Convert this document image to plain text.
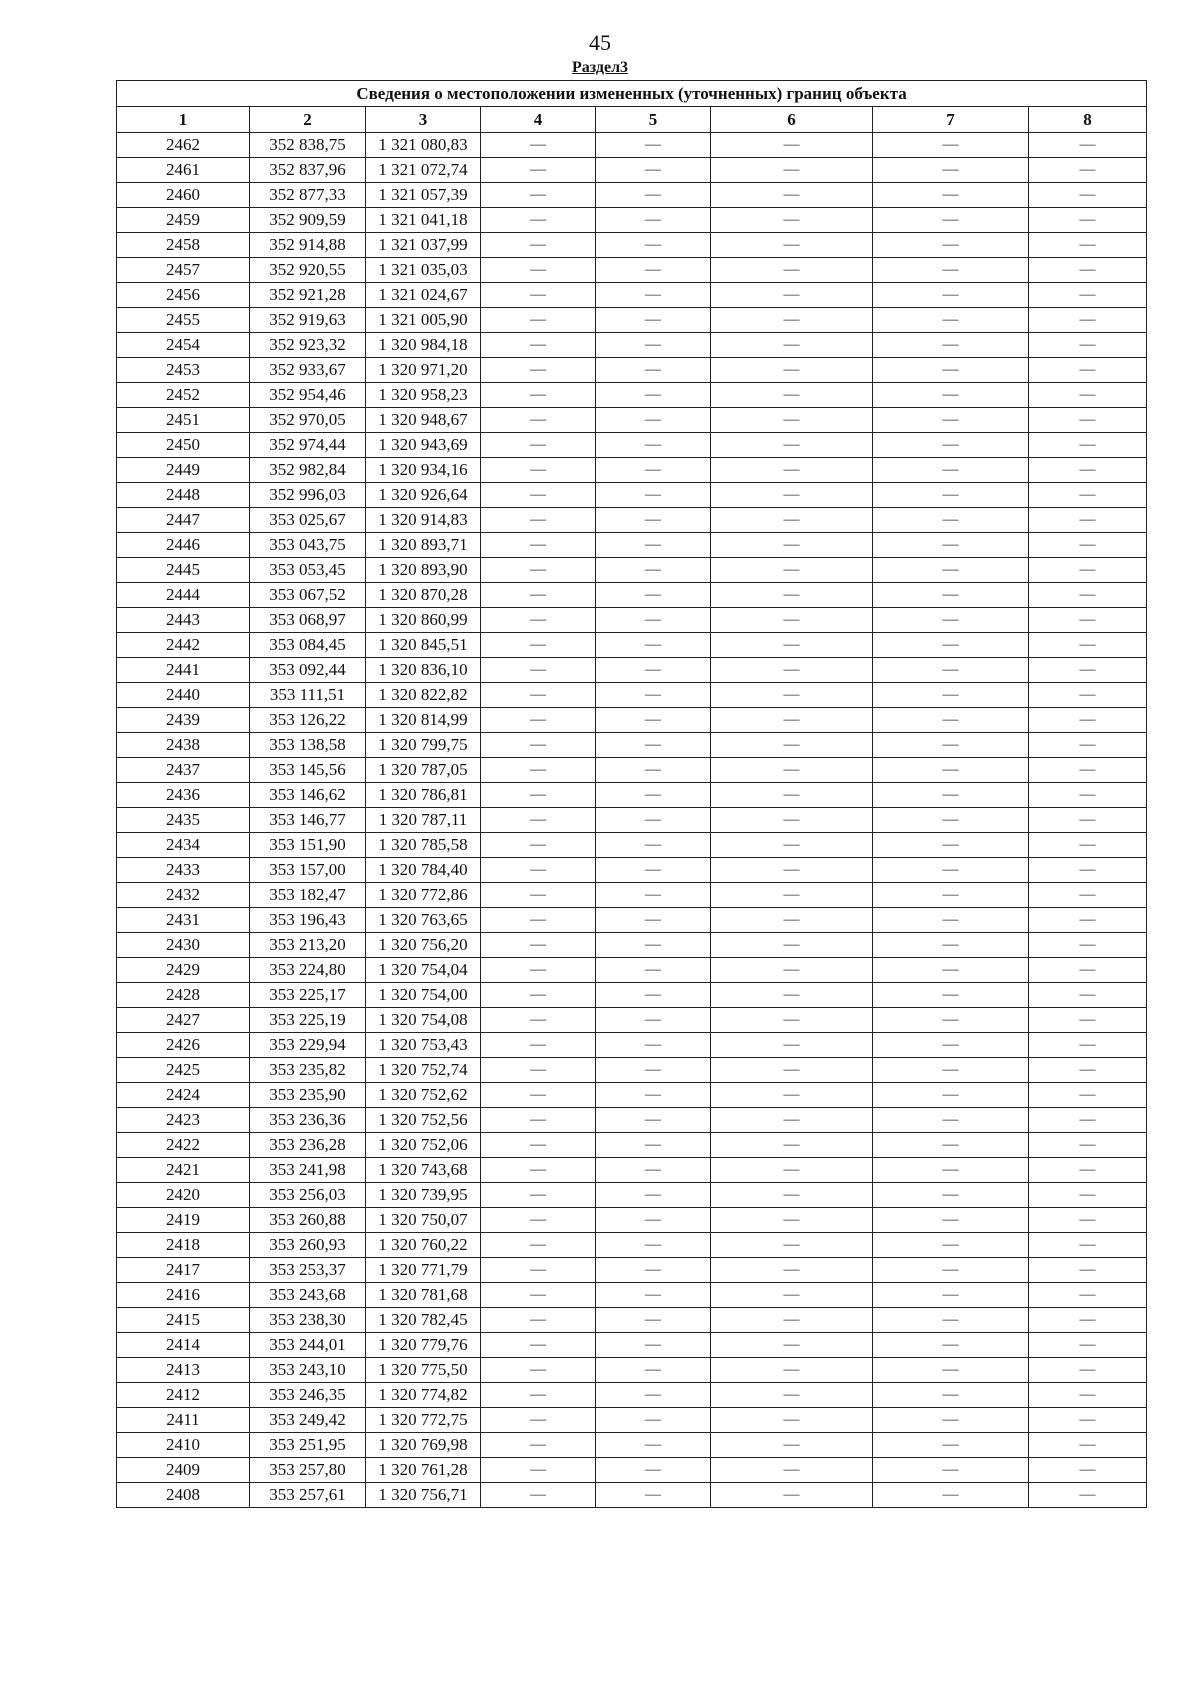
45
Раздел3
Сведения о местоположении измененных (уточненных) границ объекта							
1	2	3	4	5	6	7	8
2462	352 838,75	1 321 080,83	—	—	—	—	—
2461	352 837,96	1 321 072,74	—	—	—	—	—
2460	352 877,33	1 321 057,39	—	—	—	—	—
2459	352 909,59	1 321 041,18	—	—	—	—	—
2458	352 914,88	1 321 037,99	—	—	—	—	—
2457	352 920,55	1 321 035,03	—	—	—	—	—
2456	352 921,28	1 321 024,67	—	—	—	—	—
2455	352 919,63	1 321 005,90	—	—	—	—	—
2454	352 923,32	1 320 984,18	—	—	—	—	—
2453	352 933,67	1 320 971,20	—	—	—	—	—
2452	352 954,46	1 320 958,23	—	—	—	—	—
2451	352 970,05	1 320 948,67	—	—	—	—	—
2450	352 974,44	1 320 943,69	—	—	—	—	—
2449	352 982,84	1 320 934,16	—	—	—	—	—
2448	352 996,03	1 320 926,64	—	—	—	—	—
2447	353 025,67	1 320 914,83	—	—	—	—	—
2446	353 043,75	1 320 893,71	—	—	—	—	—
2445	353 053,45	1 320 893,90	—	—	—	—	—
2444	353 067,52	1 320 870,28	—	—	—	—	—
2443	353 068,97	1 320 860,99	—	—	—	—	—
2442	353 084,45	1 320 845,51	—	—	—	—	—
2441	353 092,44	1 320 836,10	—	—	—	—	—
2440	353 111,51	1 320 822,82	—	—	—	—	—
2439	353 126,22	1 320 814,99	—	—	—	—	—
2438	353 138,58	1 320 799,75	—	—	—	—	—
2437	353 145,56	1 320 787,05	—	—	—	—	—
2436	353 146,62	1 320 786,81	—	—	—	—	—
2435	353 146,77	1 320 787,11	—	—	—	—	—
2434	353 151,90	1 320 785,58	—	—	—	—	—
2433	353 157,00	1 320 784,40	—	—	—	—	—
2432	353 182,47	1 320 772,86	—	—	—	—	—
2431	353 196,43	1 320 763,65	—	—	—	—	—
2430	353 213,20	1 320 756,20	—	—	—	—	—
2429	353 224,80	1 320 754,04	—	—	—	—	—
2428	353 225,17	1 320 754,00	—	—	—	—	—
2427	353 225,19	1 320 754,08	—	—	—	—	—
2426	353 229,94	1 320 753,43	—	—	—	—	—
2425	353 235,82	1 320 752,74	—	—	—	—	—
2424	353 235,90	1 320 752,62	—	—	—	—	—
2423	353 236,36	1 320 752,56	—	—	—	—	—
2422	353 236,28	1 320 752,06	—	—	—	—	—
2421	353 241,98	1 320 743,68	—	—	—	—	—
2420	353 256,03	1 320 739,95	—	—	—	—	—
2419	353 260,88	1 320 750,07	—	—	—	—	—
2418	353 260,93	1 320 760,22	—	—	—	—	—
2417	353 253,37	1 320 771,79	—	—	—	—	—
2416	353 243,68	1 320 781,68	—	—	—	—	—
2415	353 238,30	1 320 782,45	—	—	—	—	—
2414	353 244,01	1 320 779,76	—	—	—	—	—
2413	353 243,10	1 320 775,50	—	—	—	—	—
2412	353 246,35	1 320 774,82	—	—	—	—	—
2411	353 249,42	1 320 772,75	—	—	—	—	—
2410	353 251,95	1 320 769,98	—	—	—	—	—
2409	353 257,80	1 320 761,28	—	—	—	—	—
2408	353 257,61	1 320 756,71	—	—	—	—	—
